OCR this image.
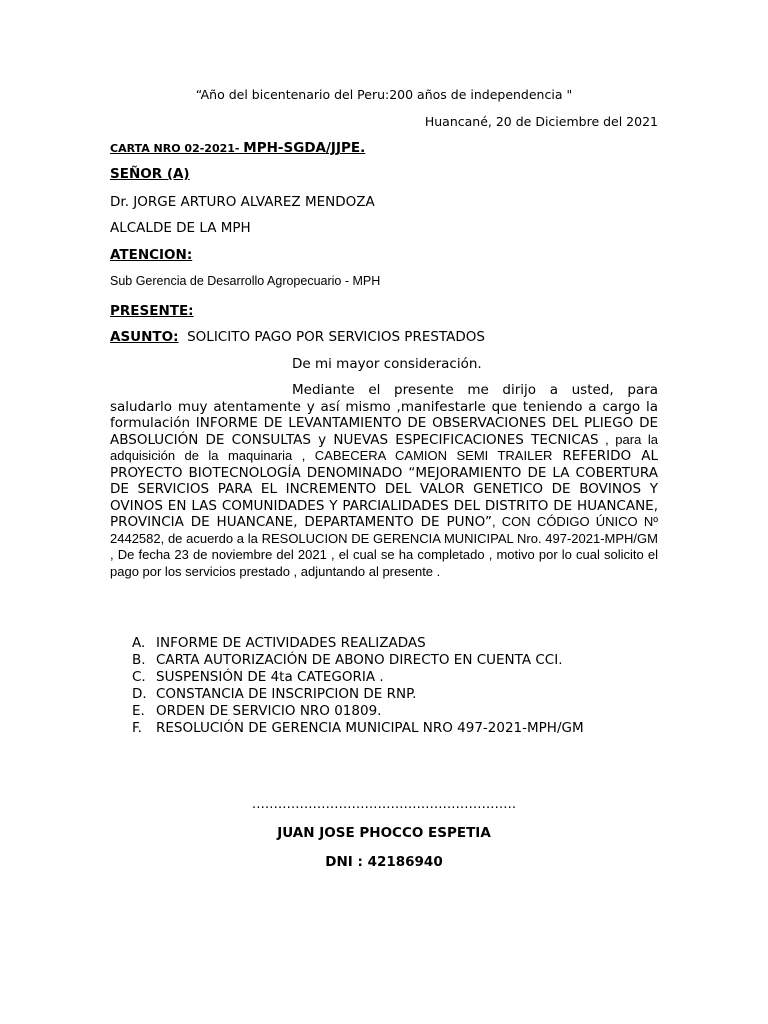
“Año del bicentenario del Peru:200 años de independencia "
Huancané, 20 de Diciembre del 2021
CARTA NRO 02-2021- MPH-SGDA/JJPE.
SEÑOR (A)
Dr. JORGE ARTURO ALVAREZ MENDOZA
ALCALDE DE LA MPH
ATENCION:
Sub Gerencia de Desarrollo Agropecuario - MPH
PRESENTE:
ASUNTO:  SOLICITO PAGO POR SERVICIOS PRESTADOS
De mi mayor consideración.
Mediante el presente me dirijo a usted, para saludarlo muy atentamente y así mismo ,manifestarle que teniendo a cargo la formulación INFORME DE LEVANTAMIENTO DE OBSERVACIONES DEL PLIEGO DE ABSOLUCIÓN DE CONSULTAS y NUEVAS ESPECIFICACIONES TECNICAS , para la adquisición de la maquinaria , CABECERA CAMION SEMI TRAILER REFERIDO AL PROYECTO BIOTECNOLOGÍA DENOMINADO “MEJORAMIENTO DE LA COBERTURA DE SERVICIOS PARA EL INCREMENTO DEL VALOR GENETICO DE BOVINOS Y OVINOS EN LAS COMUNIDADES Y PARCIALIDADES DEL DISTRITO DE HUANCANE, PROVINCIA DE HUANCANE, DEPARTAMENTO DE PUNO”, CON CÓDIGO ÚNICO Nº 2442582, de acuerdo a la RESOLUCION DE GERENCIA MUNICIPAL Nro. 497-2021-MPH/GM , De fecha 23 de noviembre del 2021 , el cual se ha completado , motivo por lo cual solicito el pago por los servicios prestado , adjuntando al presente .
A. INFORME DE ACTIVIDADES REALIZADAS
B. CARTA AUTORIZACIÓN DE ABONO DIRECTO EN CUENTA CCI.
C. SUSPENSIÓN DE 4ta CATEGORIA .
D. CONSTANCIA DE INSCRIPCION DE RNP.
E. ORDEN DE SERVICIO NRO 01809.
F. RESOLUCIÓN DE GERENCIA MUNICIPAL NRO 497-2021-MPH/GM
…………………………………………………….
JUAN JOSE PHOCCO ESPETIA
DNI : 42186940
